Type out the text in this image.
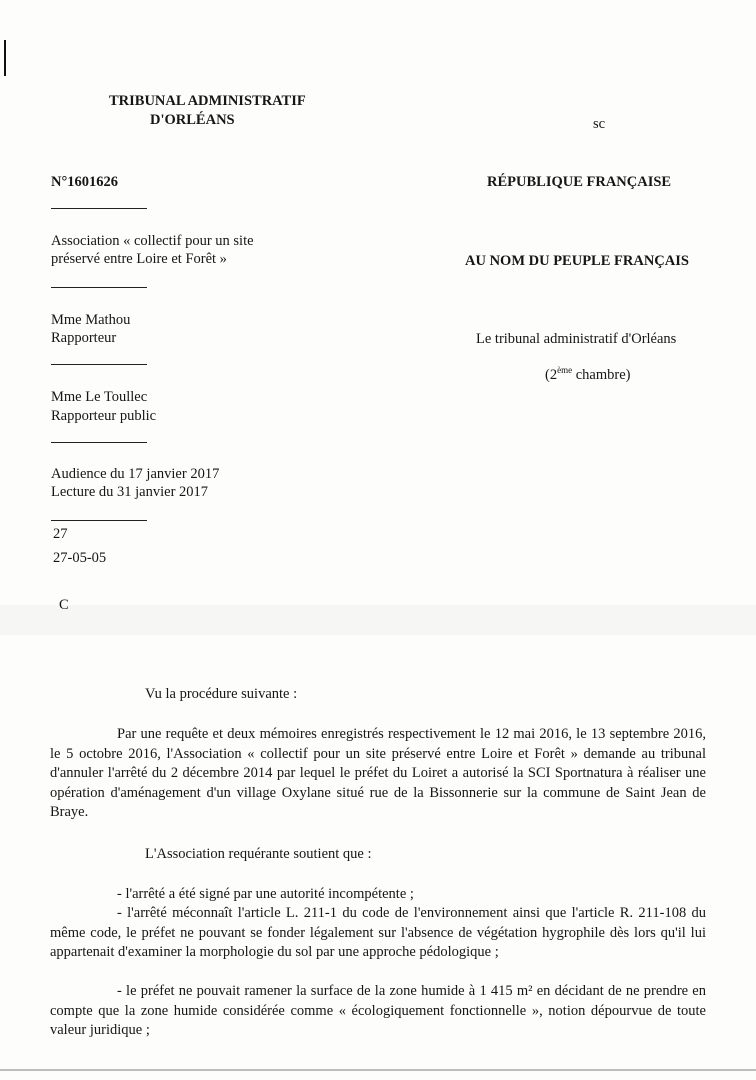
TRIBUNAL ADMINISTRATIF
D'ORLÉANS	sc
N°1601626	RÉPUBLIQUE FRANÇAISE
Association « collectif pour un site
préservé entre Loire et Forêt »	AU NOM DU PEUPLE FRANÇAIS
Mme Mathou
Rapporteur	Le tribunal administratif d'Orléans
(2ème chambre)
Mme Le Toullec
Rapporteur public
Audience du 17 janvier 2017
Lecture du 31 janvier 2017
27
27-05-05
C
Vu la procédure suivante :

Par une requête et deux mémoires enregistrés respectivement le 12 mai 2016, le 13 septembre 2016, le 5 octobre 2016, l'Association « collectif pour un site préservé entre Loire et Forêt » demande au tribunal d'annuler l'arrêté du 2 décembre 2014 par lequel le préfet du Loiret a autorisé la SCI Sportnatura à réaliser une opération d'aménagement d'un village Oxylane situé rue de la Bissonnerie sur la commune de Saint Jean de Braye.

L'Association requérante soutient que :

- l'arrêté a été signé par une autorité incompétente ;

- l'arrêté méconnaît l'article L. 211-1 du code de l'environnement ainsi que l'article R. 211-108 du même code, le préfet ne pouvant se fonder légalement sur l'absence de végétation hygrophile dès lors qu'il lui appartenait d'examiner la morphologie du sol par une approche pédologique ;

- le préfet ne pouvait ramener la surface de la zone humide à 1 415 m² en décidant de ne prendre en compte que la zone humide considérée comme « écologiquement fonctionnelle », notion dépourvue de toute valeur juridique ;
